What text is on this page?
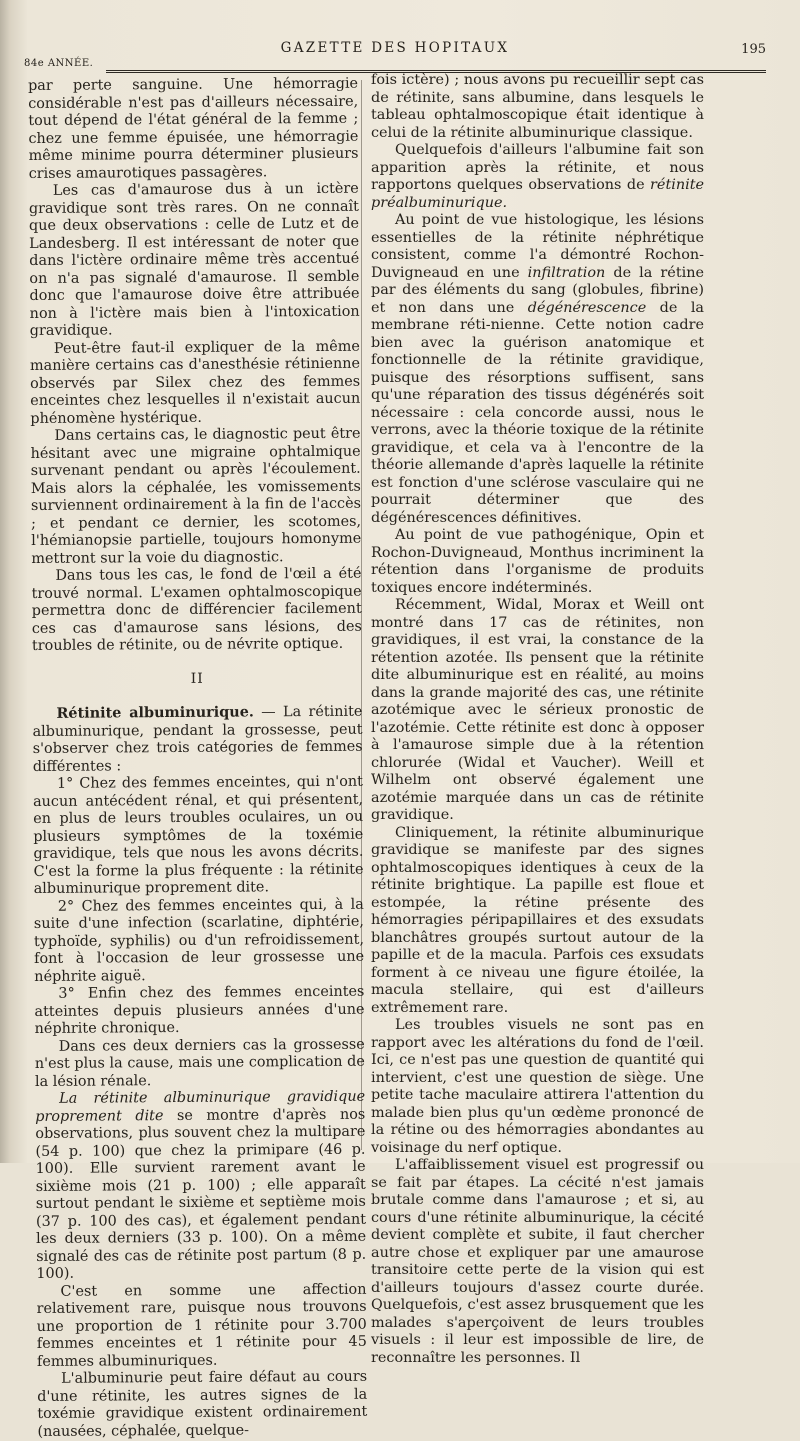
GAZETTE DES HOPITAUX	195
84e ANNÉE.

par perte sanguine. Une hémorragie considérable n'est pas d'ailleurs nécessaire, tout dépend de l'état général de la femme ; chez une femme épuisée, une hémorragie même minime pourra déterminer plusieurs crises amaurotiques passagères.

Les cas d'amaurose dus à un ictère gravidique sont très rares. On ne connaît que deux observations : celle de Lutz et de Landesberg. Il est intéressant de noter que dans l'ictère ordinaire même très accentué on n'a pas signalé d'amaurose. Il semble donc que l'amaurose doive être attribuée non à l'ictère mais bien à l'intoxication gravidique.

Peut-être faut-il expliquer de la même manière certains cas d'anesthésie rétinienne observés par Silex chez des femmes enceintes chez lesquelles il n'existait aucun phénomène hystérique.

Dans certains cas, le diagnostic peut être hésitant avec une migraine ophtalmique survenant pendant ou après l'écoulement. Mais alors la céphalée, les vomissements surviennent ordinairement à la fin de l'accès ; et pendant ce dernier, les scotomes, l'hémianopsie partielle, toujours homonyme mettront sur la voie du diagnostic.

Dans tous les cas, le fond de l'œil a été trouvé normal. L'examen ophtalmoscopique permettra donc de différencier facilement ces cas d'amaurose sans lésions, des troubles de rétinite, ou de névrite optique.

II

Rétinite albuminurique. — La rétinite albuminurique, pendant la grossesse, peut s'observer chez trois catégories de femmes différentes :

1° Chez des femmes enceintes, qui n'ont aucun antécédent rénal, et qui présentent, en plus de leurs troubles oculaires, un ou plusieurs symptômes de la toxémie gravidique, tels que nous les avons décrits. C'est la forme la plus fréquente : la rétinite albuminurique proprement dite.

2° Chez des femmes enceintes qui, à la suite d'une infection (scarlatine, diphtérie, typhoïde, syphilis) ou d'un refroidissement, font à l'occasion de leur grossesse une néphrite aiguë.

3° Enfin chez des femmes enceintes atteintes depuis plusieurs années d'une néphrite chronique.

Dans ces deux derniers cas la grossesse n'est plus la cause, mais une complication de la lésion rénale.

La rétinite albuminurique gravidique proprement dite se montre d'après nos observations, plus souvent chez la multipare (54 p. 100) que chez la primipare (46 p. 100). Elle survient rarement avant le sixième mois (21 p. 100) ; elle apparaît surtout pendant le sixième et septième mois (37 p. 100 des cas), et également pendant les deux derniers (33 p. 100). On a même signalé des cas de rétinite post partum (8 p. 100).

C'est en somme une affection relativement rare, puisque nous trouvons une proportion de 1 rétinite pour 3.700 femmes enceintes et 1 rétinite pour 45 femmes albuminuriques.

L'albuminurie peut faire défaut au cours d'une rétinite, les autres signes de la toxémie gravidique existent ordinairement (nausées, céphalée, quelque-

fois ictère) ; nous avons pu recueillir sept cas de rétinite, sans albumine, dans lesquels le tableau ophtalmoscopique était identique à celui de la rétinite albuminurique classique.

Quelquefois d'ailleurs l'albumine fait son apparition après la rétinite, et nous rapportons quelques observations de rétinite préalbuminurique.

Au point de vue histologique, les lésions essentielles de la rétinite néphrétique consistent, comme l'a démontré Rochon-Duvigneaud en une infiltration de la rétine par des éléments du sang (globules, fibrine) et non dans une dégénérescence de la membrane réti-nienne. Cette notion cadre bien avec la guérison anatomique et fonctionnelle de la rétinite gravidique, puisque des résorptions suffisent, sans qu'une réparation des tissus dégénérés soit nécessaire : cela concorde aussi, nous le verrons, avec la théorie toxique de la rétinite gravidique, et cela va à l'encontre de la théorie allemande d'après laquelle la rétinite est fonction d'une sclérose vasculaire qui ne pourrait déterminer que des dégénérescences définitives.

Au point de vue pathogénique, Opin et Rochon-Duvigneaud, Monthus incriminent la rétention dans l'organisme de produits toxiques encore indéterminés.

Récemment, Widal, Morax et Weill ont montré dans 17 cas de rétinites, non gravidiques, il est vrai, la constance de la rétention azotée. Ils pensent que la rétinite dite albuminurique est en réalité, au moins dans la grande majorité des cas, une rétinite azotémique avec le sérieux pronostic de l'azotémie. Cette rétinite est donc à opposer à l'amaurose simple due à la rétention chlorurée (Widal et Vaucher). Weill et Wilhelm ont observé également une azotémie marquée dans un cas de rétinite gravidique.

Cliniquement, la rétinite albuminurique gravidique se manifeste par des signes ophtalmoscopiques identiques à ceux de la rétinite brightique. La papille est floue et estompée, la rétine présente des hémorragies péripapillaires et des exsudats blanchâtres groupés surtout autour de la papille et de la macula. Parfois ces exsudats forment à ce niveau une figure étoilée, la macula stellaire, qui est d'ailleurs extrêmement rare.

Les troubles visuels ne sont pas en rapport avec les altérations du fond de l'œil. Ici, ce n'est pas une question de quantité qui intervient, c'est une question de siège. Une petite tache maculaire attirera l'attention du malade bien plus qu'un œdème prononcé de la rétine ou des hémorragies abondantes au voisinage du nerf optique.

L'affaiblissement visuel est progressif ou se fait par étapes. La cécité n'est jamais brutale comme dans l'amaurose ; et si, au cours d'une rétinite albuminurique, la cécité devient complète et subite, il faut chercher autre chose et expliquer par une amaurose transitoire cette perte de la vision qui est d'ailleurs toujours d'assez courte durée. Quelquefois, c'est assez brusquement que les malades s'aperçoivent de leurs troubles visuels : il leur est impossible de lire, de reconnaître les personnes. Il
